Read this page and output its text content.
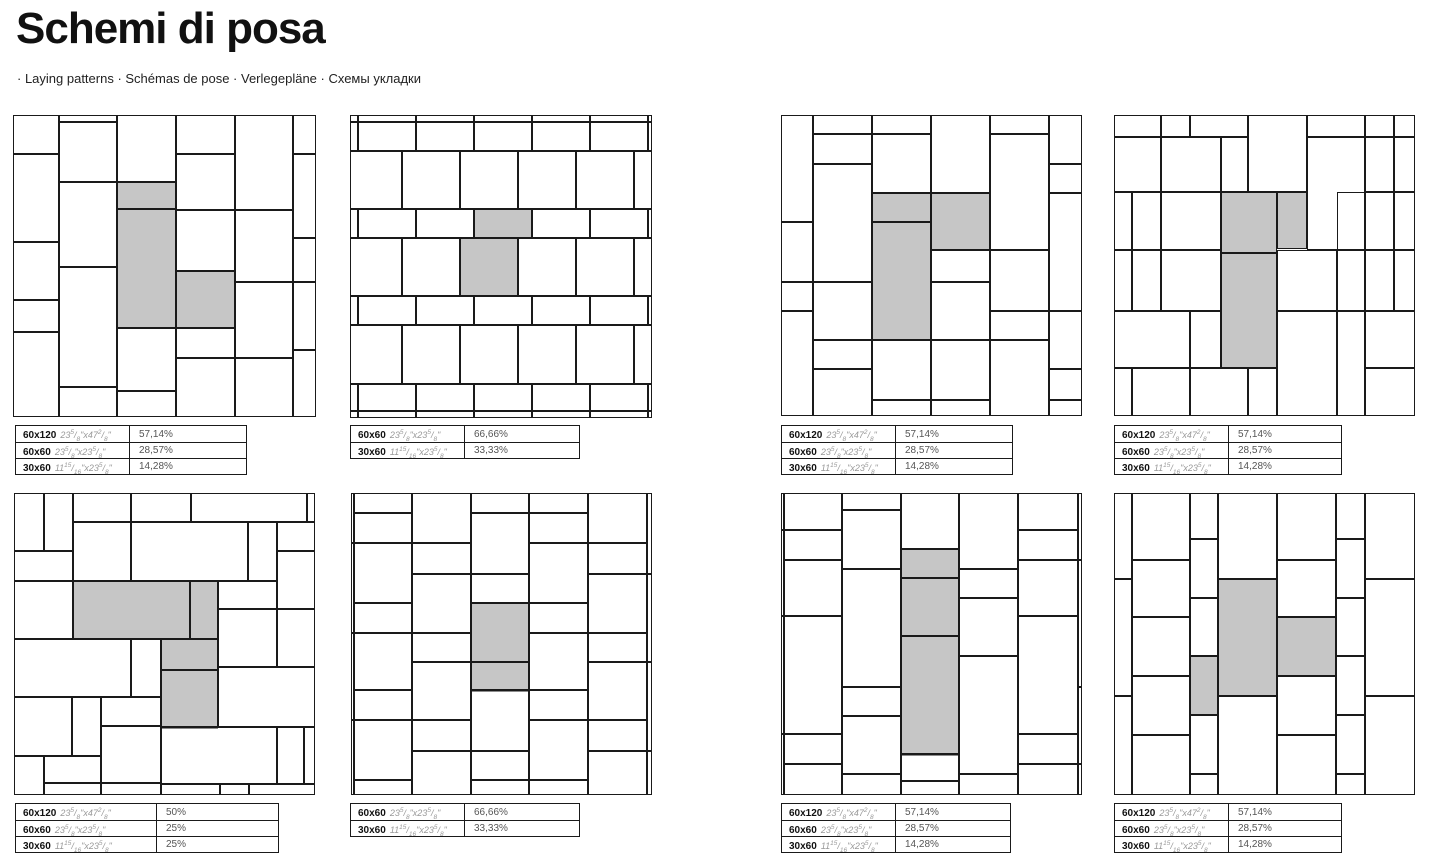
Schemi di posa
· Laying patterns · Schémas de pose · Verlegepläne · Схемы укладки
60x120 $23^5/_8"x47^2/_8$"	57,14%
60x60 $23^5/_8"x23^5/_8$"	28,57%
30x60 $11^{15}/_{16}"x23^5/_8$"	14,28%
60x60 $23^5/_8"x23^5/_8$"	66,66%
30x60 $11^{15}/_{16}"x23^5/_8$"	33,33%
60x120 $23^5/_8"x47^2/_8$"	57,14%
60x60 $23^5/_8"x23^5/_8$"	28,57%
30x60 $11^{15}/_{16}"x23^5/_8$"	14,28%
60x120 $23^5/_8"x47^2/_8$"	57,14%
60x60 $23^5/_8"x23^5/_8$"	28,57%
30x60 $11^{15}/_{16}"x23^5/_8$"	14,28%
60x120 $23^5/_8"x47^2/_8$"	50%
60x60 $23^5/_8"x23^5/_8$"	25%
30x60 $11^{15}/_{16}"x23^5/_8$"	25%
60x60 $23^5/_8"x23^5/_8$"	66,66%
30x60 $11^{15}/_{16}"x23^5/_8$"	33,33%
60x120 $23^5/_8"x47^2/_8$"	57,14%
60x60 $23^5/_8"x23^5/_8$"	28,57%
30x60 $11^{15}/_{16}"x23^5/_8$"	14,28%
60x120 $23^5/_8"x47^2/_8$"	57,14%
60x60 $23^5/_8"x23^5/_8$"	28,57%
30x60 $11^{15}/_{16}"x23^5/_8$"	14,28%
